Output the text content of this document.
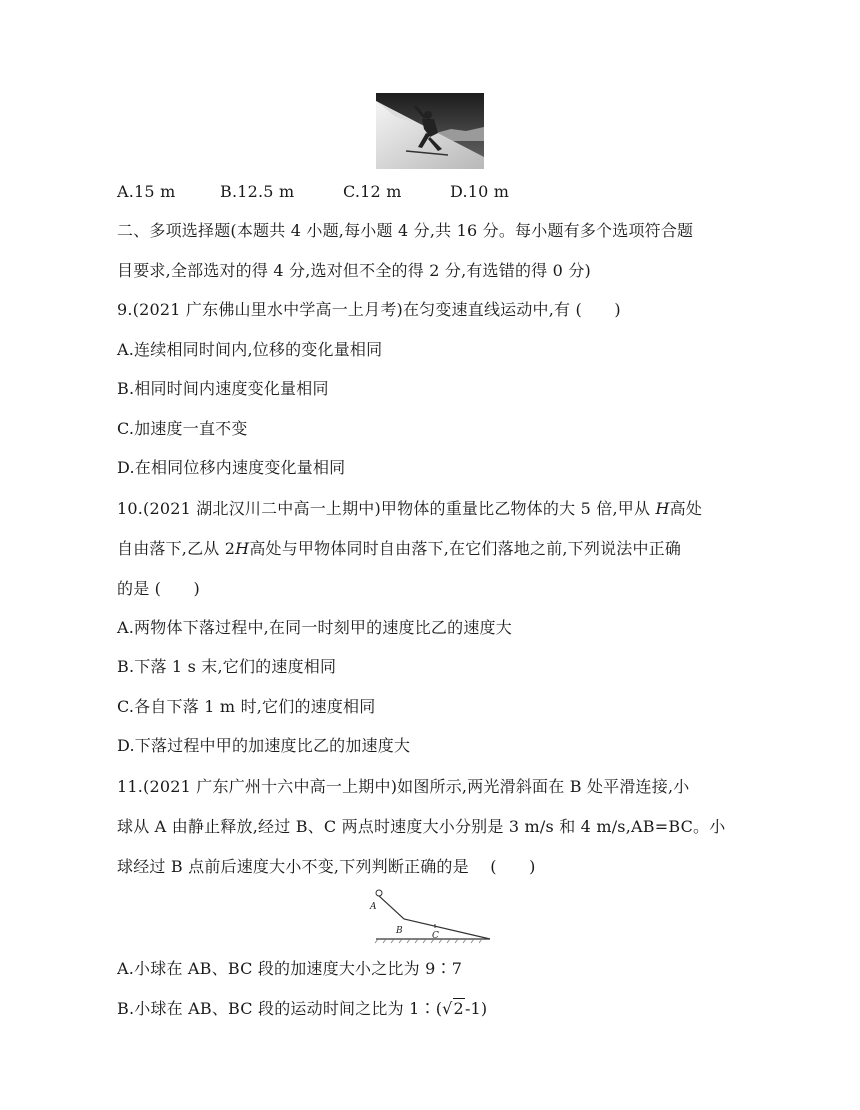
A.15 m	B.12.5 m	C.12 m	D.10 m
二、多项选择题(本题共 4 小题,每小题 4 分,共 16 分。每小题有多个选项符合题
目要求,全部选对的得 4 分,选对但不全的得 2 分,有选错的得 0 分)
9.(2021 广东佛山里水中学高一上月考)在匀变速直线运动中,有 (　　)
A.连续相同时间内,位移的变化量相同
B.相同时间内速度变化量相同
C.加速度一直不变
D.在相同位移内速度变化量相同
10.(2021 湖北汉川二中高一上期中)甲物体的重量比乙物体的大 5 倍,甲从 H高处
自由落下,乙从 2H高处与甲物体同时自由落下,在它们落地之前,下列说法中正确
的是 (　　)
A.两物体下落过程中,在同一时刻甲的速度比乙的速度大
B.下落 1 s 末,它们的速度相同
C.各自下落 1 m 时,它们的速度相同
D.下落过程中甲的加速度比乙的加速度大
11.(2021 广东广州十六中高一上期中)如图所示,两光滑斜面在 B 处平滑连接,小
球从 A 由静止释放,经过 B、C 两点时速度大小分别是 3 m/s 和 4 m/s,AB=BC。小
球经过 B 点前后速度大小不变,下列判断正确的是　 (　　)
A
B	C
A.小球在 AB、BC 段的加速度大小之比为 9∶7
B.小球在 AB、BC 段的运动时间之比为 1∶(√2-1)
